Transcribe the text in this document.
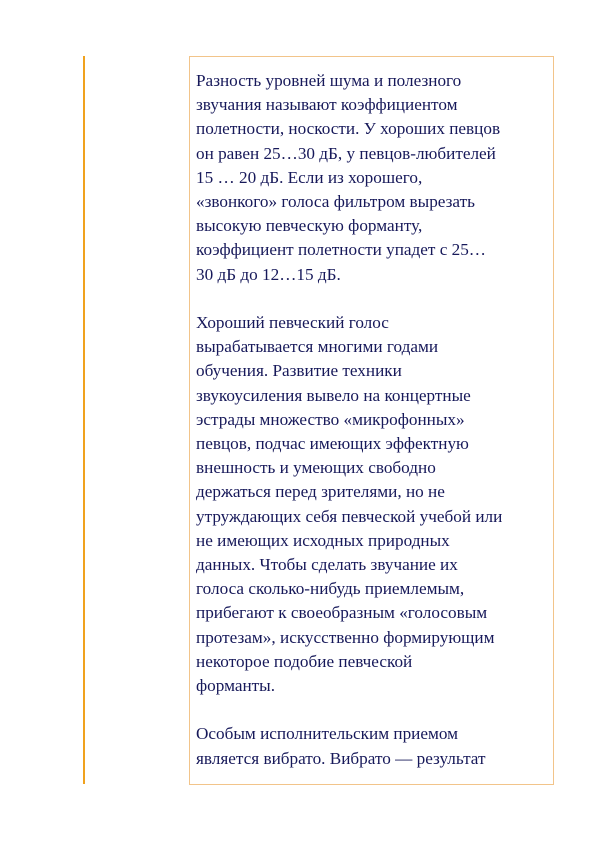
Разность уровней шума и полезного
звучания называют коэффициентом
полетности, носкости. У хороших певцов
он равен 25…30 дБ, у певцов-любителей
15 … 20 дБ. Если из хорошего,
«звонкого» голоса фильтром вырезать
высокую певческую форманту,
коэффициент полетности упадет с 25…
30 дБ до 12…15 дБ.

Хороший певческий голос
вырабатывается многими годами
обучения. Развитие техники
звукоусиления вывело на концертные
эстрады множество «микрофонных»
певцов, подчас имеющих эффектную
внешность и умеющих свободно
держаться перед зрителями, но не
утруждающих себя певческой учебой или
не имеющих исходных природных
данных. Чтобы сделать звучание их
голоса сколько-нибудь приемлемым,
прибегают к своеобразным «голосовым
протезам», искусственно формирующим
некоторое подобие певческой
форманты.

Особым исполнительским приемом
является вибрато. Вибрато — результат
